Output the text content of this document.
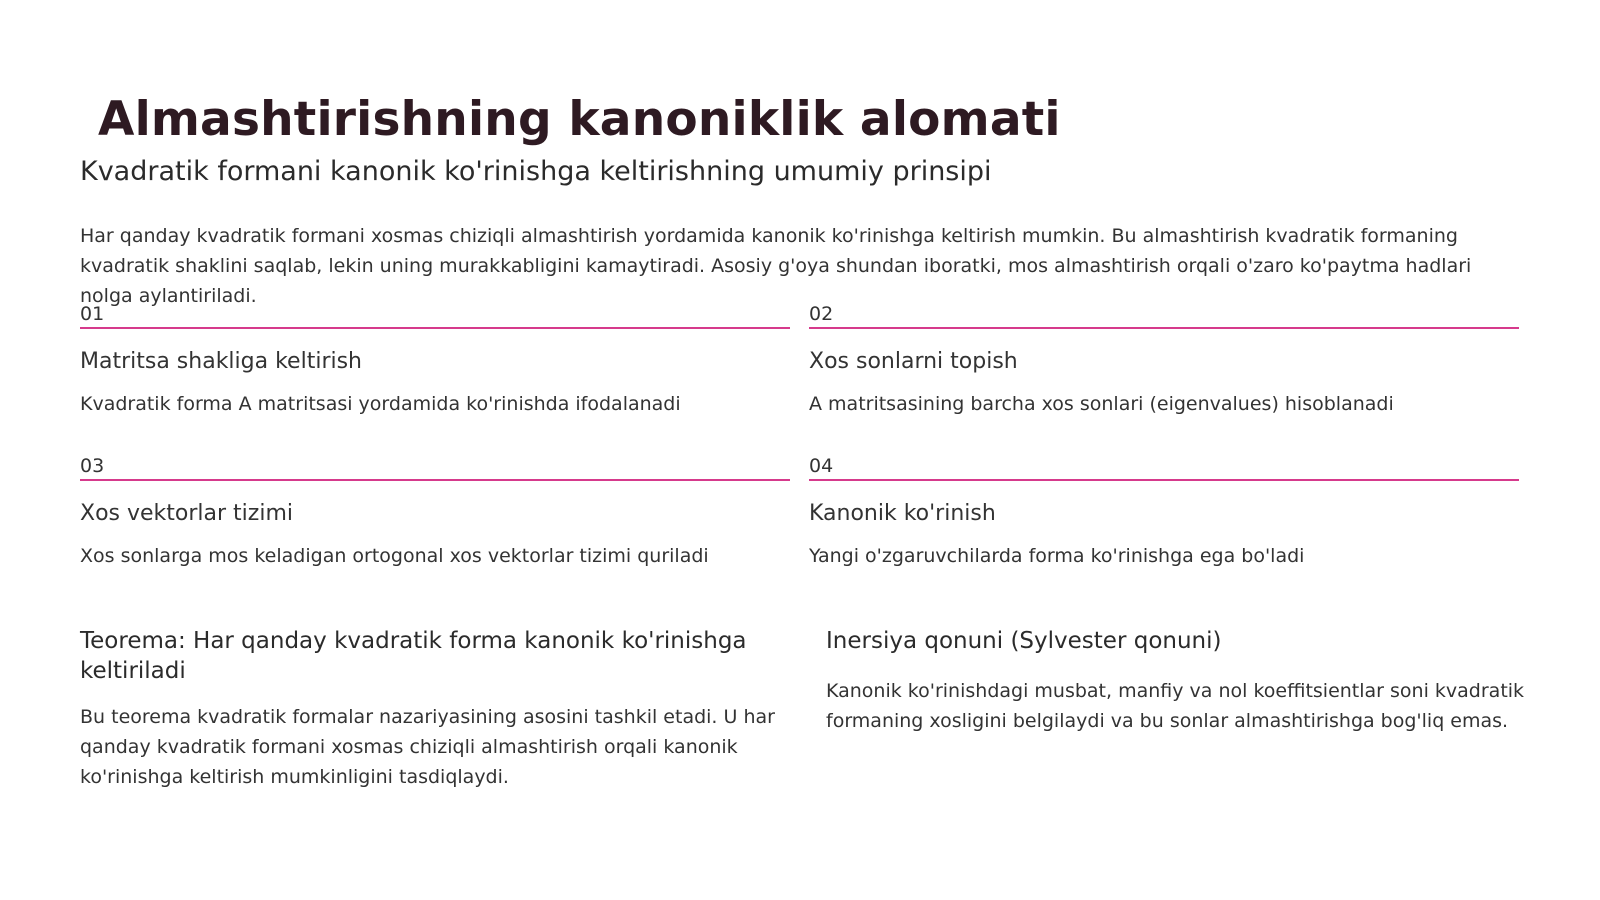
Almashtirishning kanoniklik alomati
Kvadratik formani kanonik ko'rinishga keltirishning umumiy prinsipi

Har qanday kvadratik formani xosmas chiziqli almashtirish yordamida kanonik ko'rinishga keltirish mumkin. Bu almashtirish kvadratik formaning kvadratik shaklini saqlab, lekin uning murakkabligini kamaytiradi. Asosiy g'oya shundan iboratki, mos almashtirish orqali o'zaro ko'paytma hadlari nolga aylantiriladi.

01
Matritsa shakliga keltirish
Kvadratik forma A matritsasi yordamida ko'rinishda ifodalanadi
02
Xos sonlarni topish
A matritsasining barcha xos sonlari (eigenvalues) hisoblanadi
03
Xos vektorlar tizimi
Xos sonlarga mos keladigan ortogonal xos vektorlar tizimi quriladi
04
Kanonik ko'rinish
Yangi o'zgaruvchilarda forma ko'rinishga ega bo'ladi
Teorema: Har qanday kvadratik forma kanonik ko'rinishga keltiriladi
Bu teorema kvadratik formalar nazariyasining asosini tashkil etadi. U har qanday kvadratik formani xosmas chiziqli almashtirish orqali kanonik ko'rinishga keltirish mumkinligini tasdiqlaydi.
Inersiya qonuni (Sylvester qonuni)
Kanonik ko'rinishdagi musbat, manfiy va nol koeffitsientlar soni kvadratik formaning xosligini belgilaydi va bu sonlar almashtirishga bog'liq emas.
